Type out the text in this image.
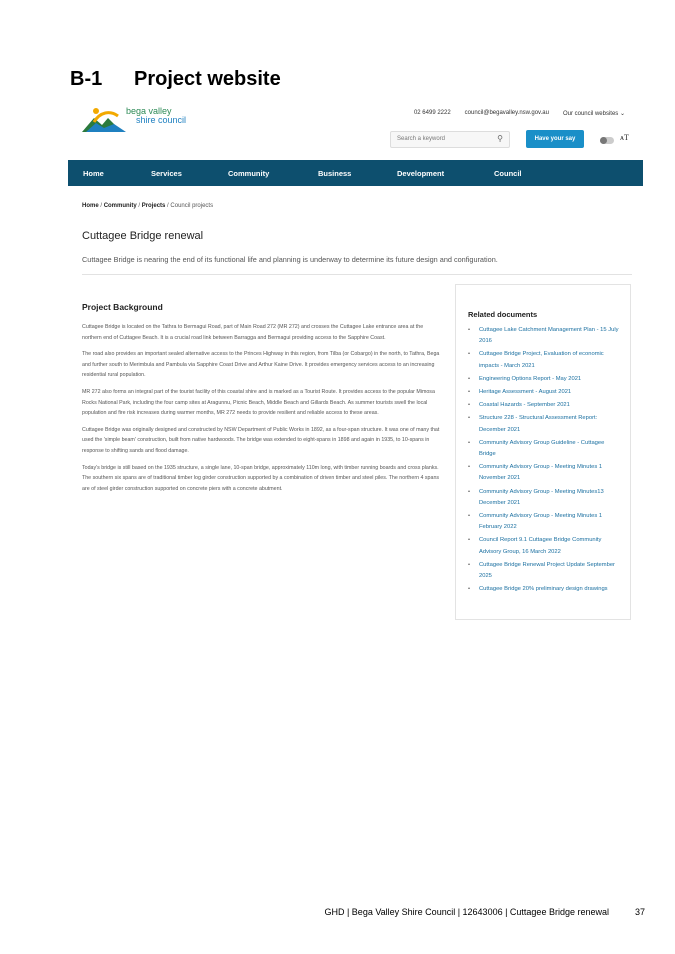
B-1	Project website
bega valley
shire council
02 6499 2222 council@begavalley.nsw.gov.au Our council websites ⌄
Search a keyword	⚲	Have your say	ᴀT
Home	Services	Community	Business	Development	Council
Home / Community / Projects / Council projects
Cuttagee Bridge renewal
Cuttagee Bridge is nearing the end of its functional life and planning is underway to determine its future design and configuration.
Project Background

Cuttagee Bridge is located on the Tathra to Bermagui Road, part of Main Road 272 (MR 272) and crosses the Cuttagee Lake entrance area at the northern end of Cuttagee Beach. It is a crucial road link between Barragga and Bermagui providing access to the Sapphire Coast.

The road also provides an important sealed alternative access to the Princes Highway in this region, from Tilba (or Cobargo) in the north, to Tathra, Bega and further south to Merimbula and Pambula via Sapphire Coast Drive and Arthur Kaine Drive. It provides emergency services access to an increasing residential rural population.

MR 272 also forms an integral part of the tourist facility of this coastal shire and is marked as a Tourist Route. It provides access to the popular Mimosa Rocks National Park, including the four camp sites at Aragunnu, Picnic Beach, Middle Beach and Gillards Beach. As summer tourists swell the local population and fire risk increases during warmer months, MR 272 needs to provide resilient and reliable access to these areas.

Cuttagee Bridge was originally designed and constructed by NSW Department of Public Works in 1892, as a four-span structure. It was one of many that used the 'simple beam' construction, built from native hardwoods. The bridge was extended to eight-spans in 1898 and again in 1935, to 10-spans in response to shifting sands and flood damage.

Today's bridge is still based on the 1935 structure, a single lane, 10-span bridge, approximately 110m long, with timber running boards and cross planks. The southern six spans are of traditional timber log girder construction supported by a combination of driven timber and steel piles. The northern 4 spans are of steel girder construction supported on concrete piers with a concrete abutment.

Related documents
• Cuttagee Lake Catchment Management Plan - 15 July 2016
• Cuttagee Bridge Project, Evaluation of economic impacts - March 2021
• Engineering Options Report - May 2021
• Heritage Assessment - August 2021
• Coastal Hazards - September 2021
• Structure 228 - Structural Assessment Report: December 2021
• Community Advisory Group Guideline - Cuttagee Bridge
• Community Advisory Group - Meeting Minutes 1 November 2021
• Community Advisory Group - Meeting Minutes13 December 2021
• Community Advisory Group - Meeting Minutes 1 February 2022
• Council Report 9.1 Cuttagee Bridge Community Advisory Group, 16 March 2022
• Cuttagee Bridge Renewal Project Update September 2025
• Cuttagee Bridge 20% preliminary design drawings
GHD | Bega Valley Shire Council | 12643006 | Cuttagee Bridge renewal	37
